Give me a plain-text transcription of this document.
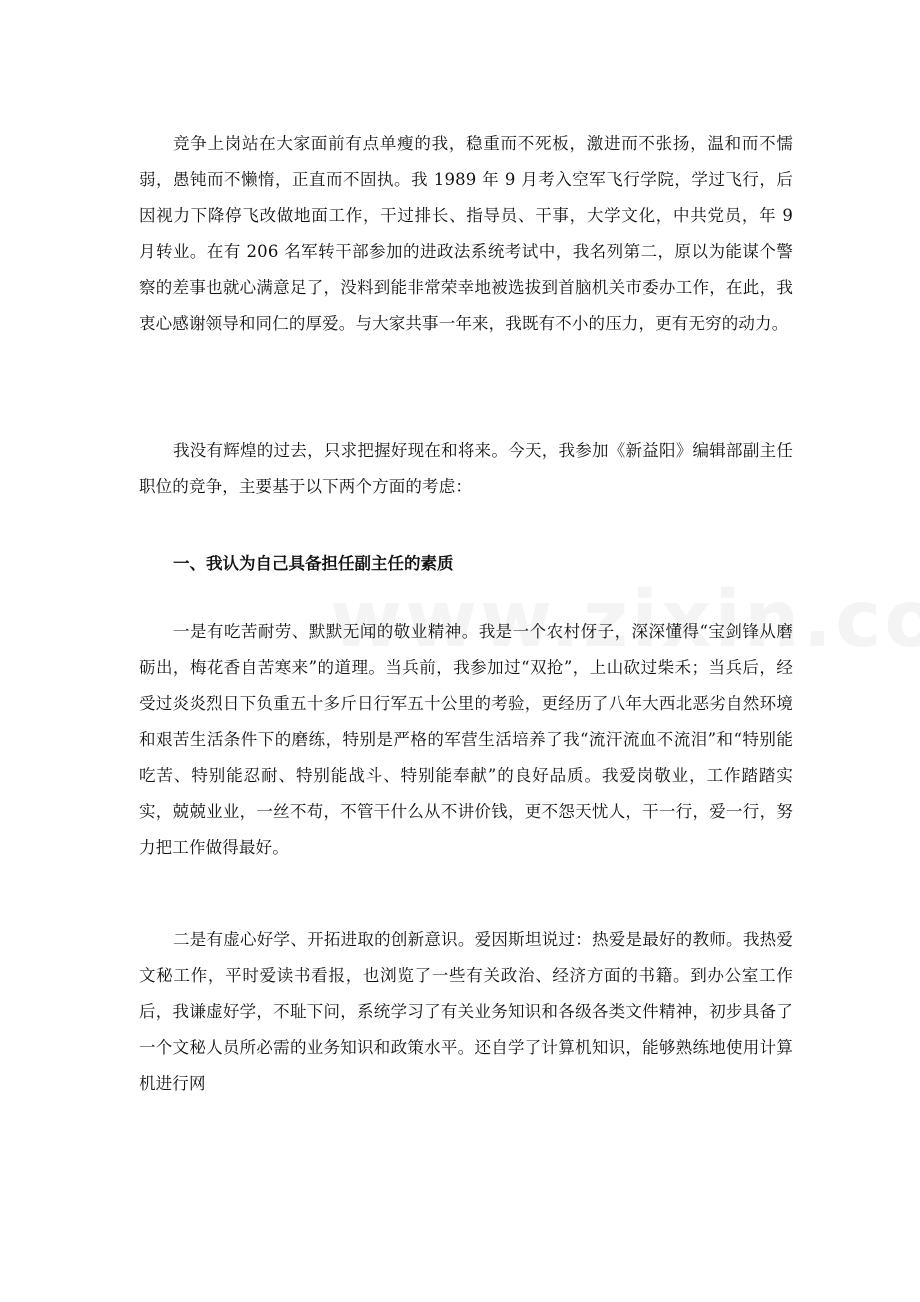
竞争上岗站在大家面前有点单瘦的我，稳重而不死板，激进而不张扬，温和而不懦弱，愚钝而不懒惰，正直而不固执。我 1989 年 9 月考入空军飞行学院，学过飞行，后因视力下降停飞改做地面工作，干过排长、指导员、干事，大学文化，中共党员，年 9 月转业。在有 206 名军转干部参加的进政法系统考试中，我名列第二，原以为能谋个警察的差事也就心满意足了，没料到能非常荣幸地被选拔到首脑机关市委办工作，在此，我衷心感谢领导和同仁的厚爱。与大家共事一年来，我既有不小的压力，更有无穷的动力。

我没有辉煌的过去，只求把握好现在和将来。今天，我参加《新益阳》编辑部副主任职位的竞争，主要基于以下两个方面的考虑：

一、我认为自己具备担任副主任的素质

一是有吃苦耐劳、默默无闻的敬业精神。我是一个农村伢子，深深懂得“宝剑锋从磨砺出，梅花香自苦寒来”的道理。当兵前，我参加过“双抢”，上山砍过柴禾；当兵后，经受过炎炎烈日下负重五十多斤日行军五十公里的考验，更经历了八年大西北恶劣自然环境和艰苦生活条件下的磨练，特别是严格的军营生活培养了我“流汗流血不流泪”和“特别能吃苦、特别能忍耐、特别能战斗、特别能奉献”的良好品质。我爱岗敬业，工作踏踏实实，兢兢业业，一丝不苟，不管干什么从不讲价钱，更不怨天忧人，干一行，爱一行，努力把工作做得最好。

二是有虚心好学、开拓进取的创新意识。爱因斯坦说过：热爱是最好的教师。我热爱文秘工作，平时爱读书看报，也浏览了一些有关政治、经济方面的书籍。到办公室工作后，我谦虚好学，不耻下问，系统学习了有关业务知识和各级各类文件精神，初步具备了一个文秘人员所必需的业务知识和政策水平。还自学了计算机知识，能够熟练地使用计算机进行网
